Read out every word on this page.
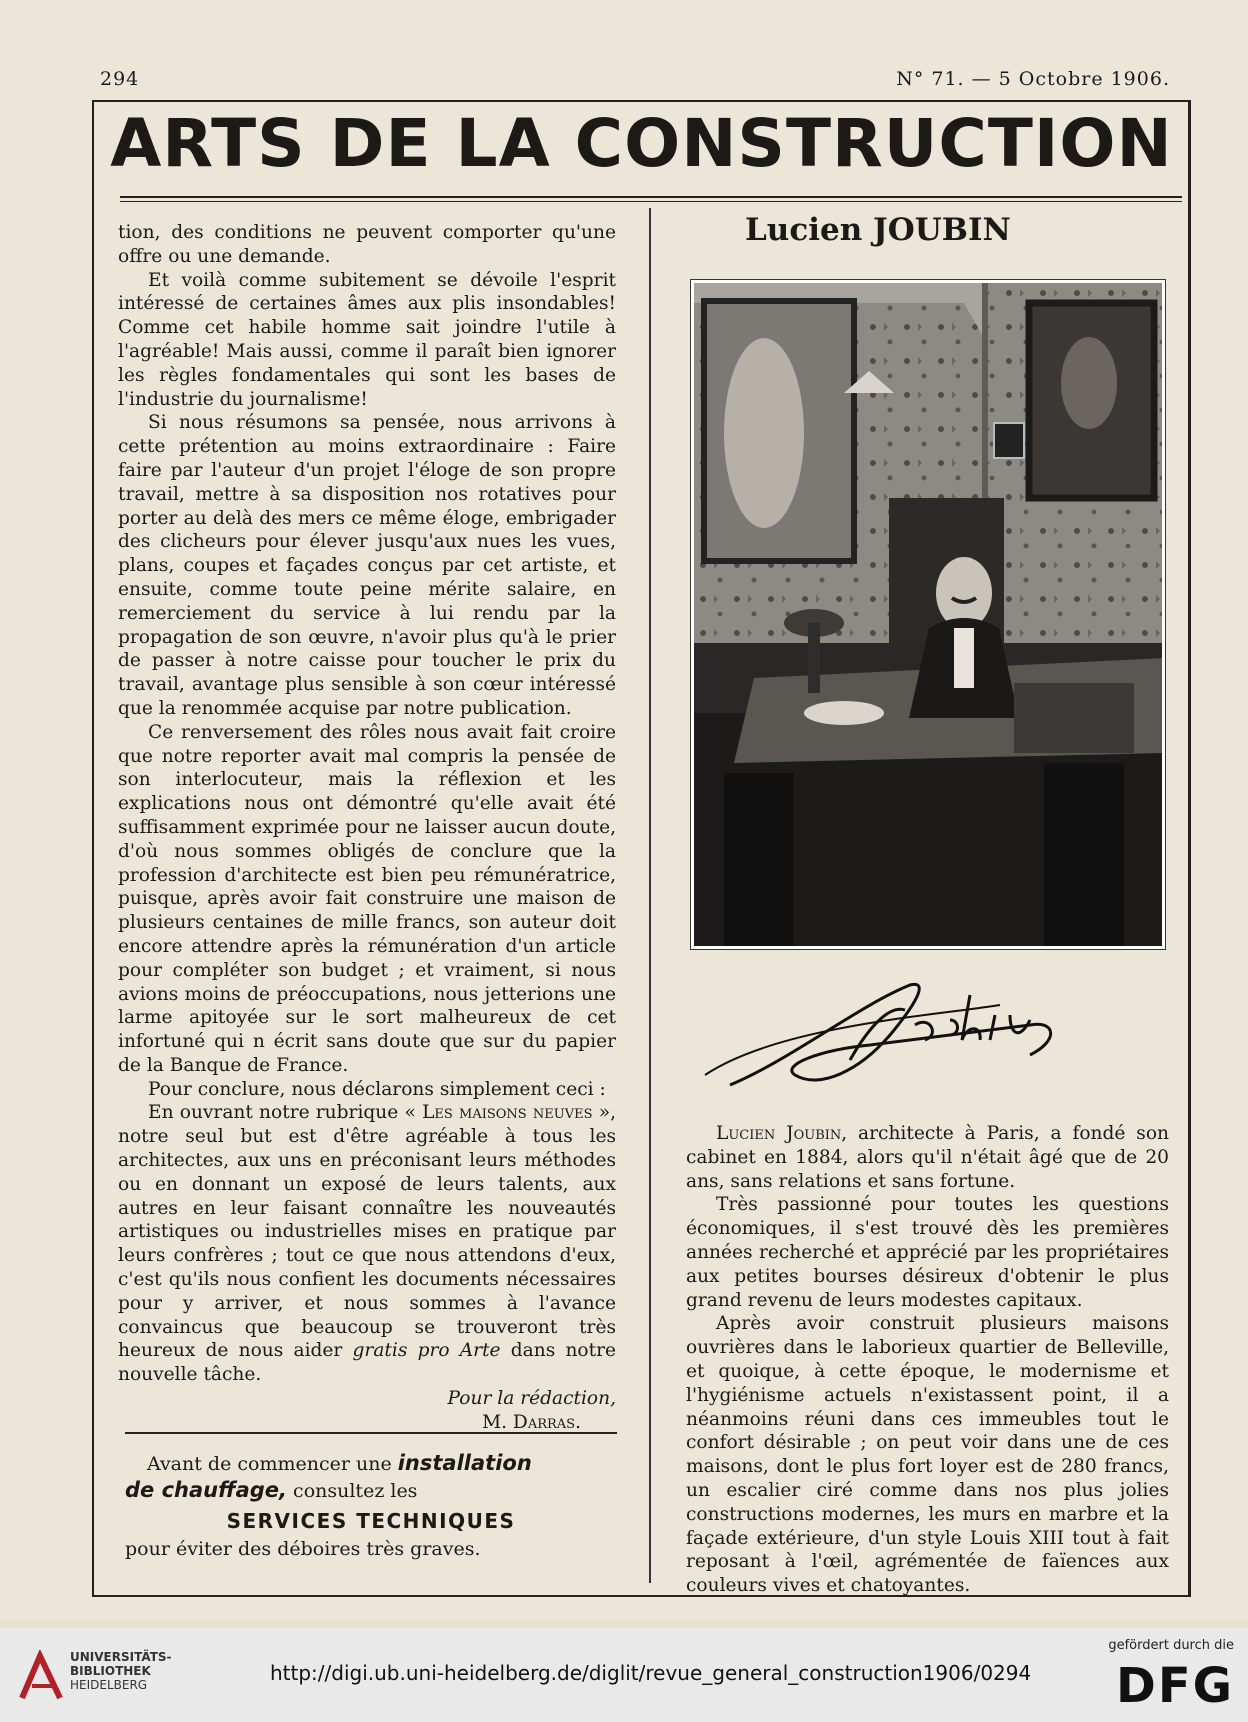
294	N° 71. — 5 Octobre 1906.
ARTS DE LA CONSTRUCTION

tion, des conditions ne peuvent comporter qu'une offre ou une demande.

Et voilà comme subitement se dévoile l'esprit intéressé de certaines âmes aux plis insondables! Comme cet habile homme sait joindre l'utile à l'agréable! Mais aussi, comme il paraît bien ignorer les règles fondamentales qui sont les bases de l'industrie du journalisme!

Si nous résumons sa pensée, nous arrivons à cette prétention au moins extraordinaire : Faire faire par l'auteur d'un projet l'éloge de son propre travail, mettre à sa disposition nos rotatives pour porter au delà des mers ce même éloge, embrigader des clicheurs pour élever jusqu'aux nues les vues, plans, coupes et façades conçus par cet artiste, et ensuite, comme toute peine mérite salaire, en remerciement du service à lui rendu par la propagation de son œuvre, n'avoir plus qu'à le prier de passer à notre caisse pour toucher le prix du travail, avantage plus sensible à son cœur intéressé que la renommée acquise par notre publication.

Ce renversement des rôles nous avait fait croire que notre reporter avait mal compris la pensée de son interlocuteur, mais la réflexion et les explications nous ont démontré qu'elle avait été suffisamment exprimée pour ne laisser aucun doute, d'où nous sommes obligés de conclure que la profession d'architecte est bien peu rémunératrice, puisque, après avoir fait construire une maison de plusieurs centaines de mille francs, son auteur doit encore attendre après la rémunération d'un article pour compléter son budget ; et vraiment, si nous avions moins de préoccupations, nous jetterions une larme apitoyée sur le sort malheureux de cet infortuné qui n écrit sans doute que sur du papier de la Banque de France.

Pour conclure, nous déclarons simplement ceci :

En ouvrant notre rubrique « Les maisons neuves », notre seul but est d'être agréable à tous les architectes, aux uns en préconisant leurs méthodes ou en donnant un exposé de leurs talents, aux autres en leur faisant connaître les nouveautés artistiques ou industrielles mises en pratique par leurs confrères ; tout ce que nous attendons d'eux, c'est qu'ils nous confient les documents nécessaires pour y arriver, et nous sommes à l'avance convaincus que beaucoup se trouveront très heureux de nous aider gratis pro Arte dans notre nouvelle tâche.

Pour la rédaction,

M. Darras.

Avant de commencer une installation
de chauffage, consultez les
SERVICES TECHNIQUES
pour éviter des déboires très graves.
Lucien JOUBIN

Lucien Joubin, architecte à Paris, a fondé son cabinet en 1884, alors qu'il n'était âgé que de 20 ans, sans relations et sans fortune.

Très passionné pour toutes les questions économiques, il s'est trouvé dès les premières années recherché et apprécié par les propriétaires aux petites bourses désireux d'obtenir le plus grand revenu de leurs modestes capitaux.

Après avoir construit plusieurs maisons ouvrières dans le laborieux quartier de Belleville, et quoique, à cette époque, le modernisme et l'hygiénisme actuels n'existassent point, il a néanmoins réuni dans ces immeubles tout le confort désirable ; on peut voir dans une de ces maisons, dont le plus fort loyer est de 280 francs, un escalier ciré comme dans nos plus jolies constructions modernes, les murs en marbre et la façade extérieure, d'un style Louis XIII tout à fait reposant à l'œil, agrémentée de faïences aux couleurs vives et chatoyantes.

UNIVERSITÄTS-
BIBLIOTHEK
HEIDELBERG	http://digi.ub.uni-heidelberg.de/diglit/revue_general_construction1906/0294
gefördert durch die
DFG
